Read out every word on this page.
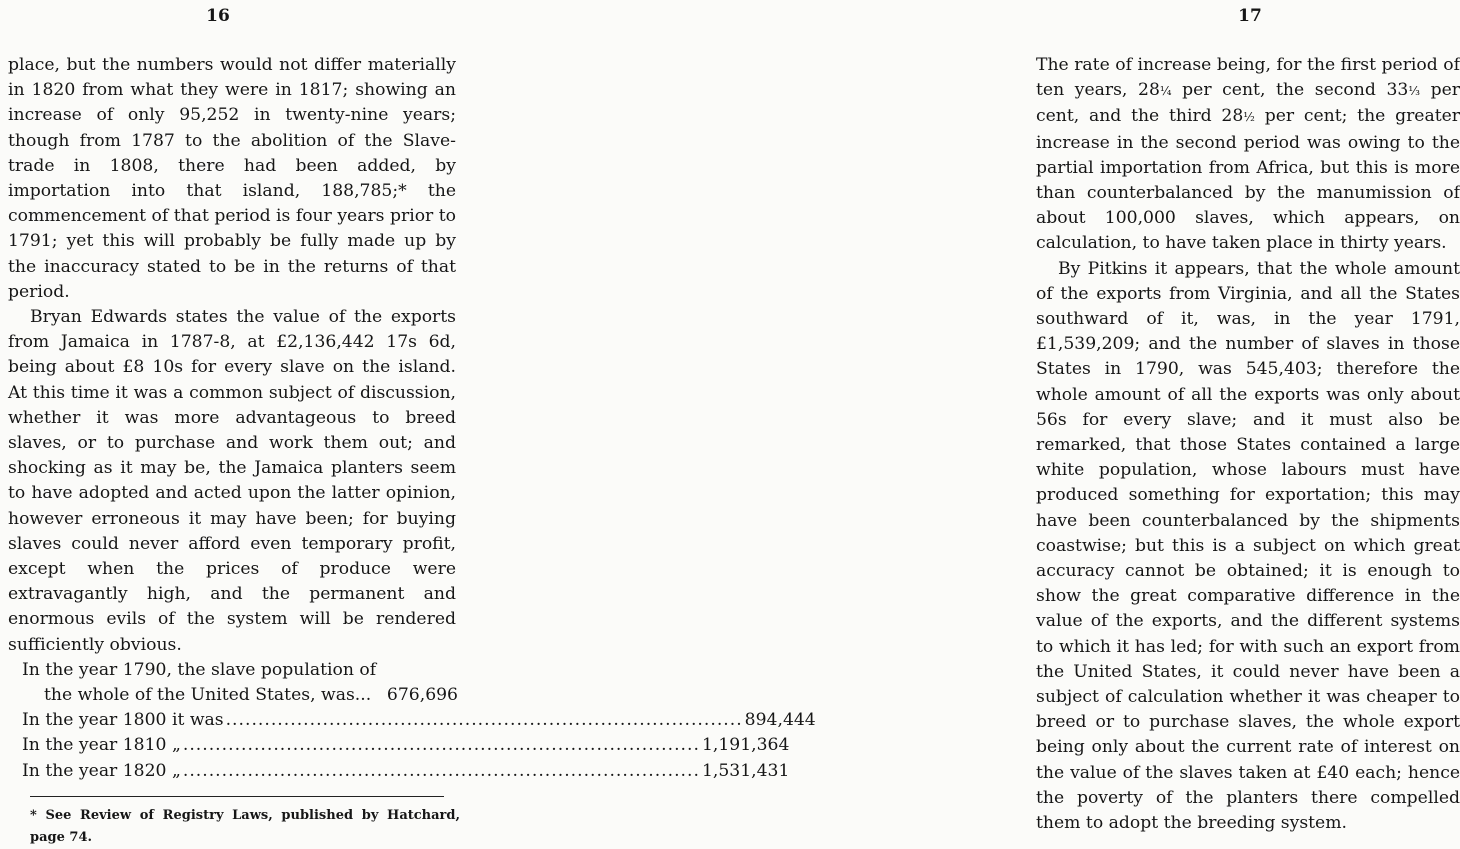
16

place, but the numbers would not differ materially in 1820 from what they were in 1817; showing an increase of only 95,252 in twenty-nine years; though from 1787 to the abolition of the Slave-trade in 1808, there had been added, by importation into that island, 188,785;* the commencement of that period is four years prior to 1791; yet this will probably be fully made up by the inaccuracy stated to be in the returns of that period.

Bryan Edwards states the value of the exports from Jamaica in 1787-8, at £2,136,442 17s 6d, being about £8 10s for every slave on the island. At this time it was a common subject of discussion, whether it was more advantageous to breed slaves, or to purchase and work them out; and shocking as it may be, the Jamaica planters seem to have adopted and acted upon the latter opinion, however erroneous it may have been; for buying slaves could never afford even temporary profit, except when the prices of produce were extravagantly high, and the permanent and enormous evils of the system will be rendered sufficiently obvious.

In the year 1790, the slave population of
the whole of the United States, was... 676,696
In the year 1800 it was .....	894,444
In the year 1810 „ .....	1,191,364
In the year 1820 „ .....	1,531,431
* See Review of Registry Laws, published by Hatchard, page 74.
17

The rate of increase being, for the first period of ten years, 28¼ per cent, the second 33⅓ per cent, and the third 28½ per cent; the greater increase in the second period was owing to the partial importation from Africa, but this is more than counterbalanced by the manumission of about 100,000 slaves, which appears, on calculation, to have taken place in thirty years.

By Pitkins it appears, that the whole amount of the exports from Virginia, and all the States southward of it, was, in the year 1791, £1,539,209; and the number of slaves in those States in 1790, was 545,403; therefore the whole amount of all the exports was only about 56s for every slave; and it must also be remarked, that those States contained a large white population, whose labours must have produced something for exportation; this may have been counterbalanced by the shipments coastwise; but this is a subject on which great accuracy cannot be obtained; it is enough to show the great comparative difference in the value of the exports, and the different systems to which it has led; for with such an export from the United States, it could never have been a subject of calculation whether it was cheaper to breed or to purchase slaves, the whole export being only about the current rate of interest on the value of the slaves taken at £40 each; hence the poverty of the planters there compelled them to adopt the breeding system.
